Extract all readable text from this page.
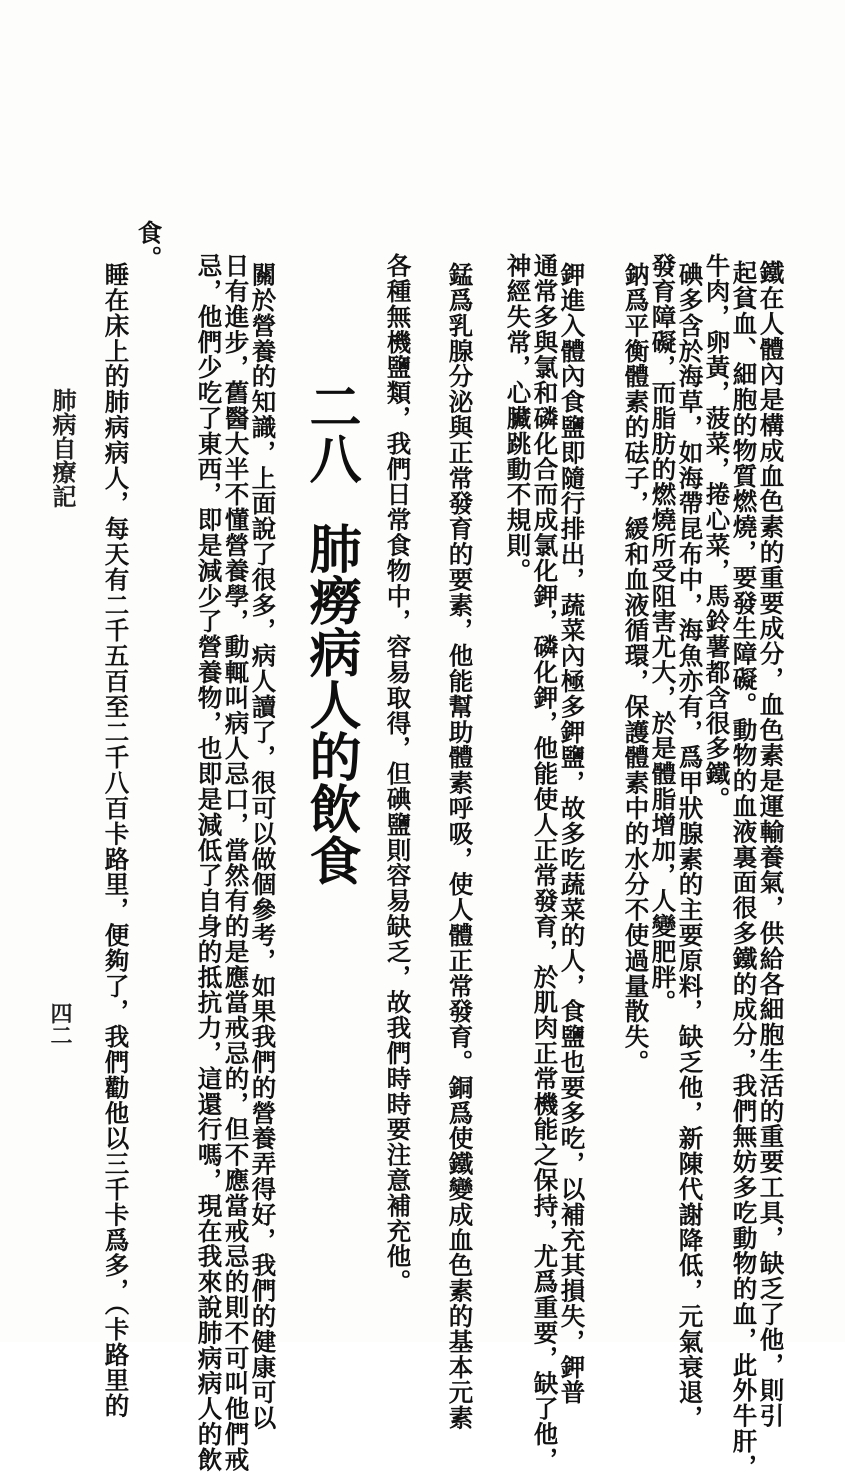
鐵在人體內是構成血色素的重要成分，血色素是運輸養氣，供給各細胞生活的重要工具，缺乏了他，則引
起貧血、細胞的物質燃燒，要發生障礙。動物的血液裏面很多鐵的成分，我們無妨多吃動物的血，此外牛肝，
牛肉，卵黃，菠菜，捲心菜，馬鈴薯都含很多鐵。
碘多含於海草，如海帶昆布中，海魚亦有，爲甲狀腺素的主要原料，缺乏他，新陳代謝降低，元氣衰退，
發育障礙，而脂肪的燃燒所受阻害尤大，於是體脂增加，人變肥胖。
鈉爲平衡體素的砝子，緩和血液循環，保護體素中的水分不使過量散失。
鉀進入體內食鹽即隨行排出，蔬菜內極多鉀鹽，故多吃蔬菜的人，食鹽也要多吃，以補充其損失，鉀普
通常多與氯和磷化合而成氯化鉀，磷化鉀，他能使人正常發育，於肌肉正常機能之保持，尤爲重要，缺了他，
神經失常，心臟跳動不規則。
錳爲乳腺分泌與正常發育的要素，他能幫助體素呼吸，使人體正常發育。銅爲使鐵變成血色素的基本元素
各種無機鹽類，我們日常食物中，容易取得，但碘鹽則容易缺乏，故我們時時要注意補充他。
二八肺癆病人的飲食
關於營養的知識，上面說了很多，病人讀了，很可以做個參考，如果我們的營養弄得好，我們的健康可以
日有進步，舊醫大半不懂營養學，動輒叫病人忌口，當然有的是應當戒忌的，但不應當戒忌的則不可叫他們戒
忌，他們少吃了東西，即是減少了營養物，也即是減低了自身的抵抗力，這還行嗎，現在我來說肺病病人的飲
食。
睡在床上的肺病病人，每天有二千五百至二千八百卡路里，便夠了，我們勸他以三千卡爲多，（卡路里的
肺病自療記
四二
